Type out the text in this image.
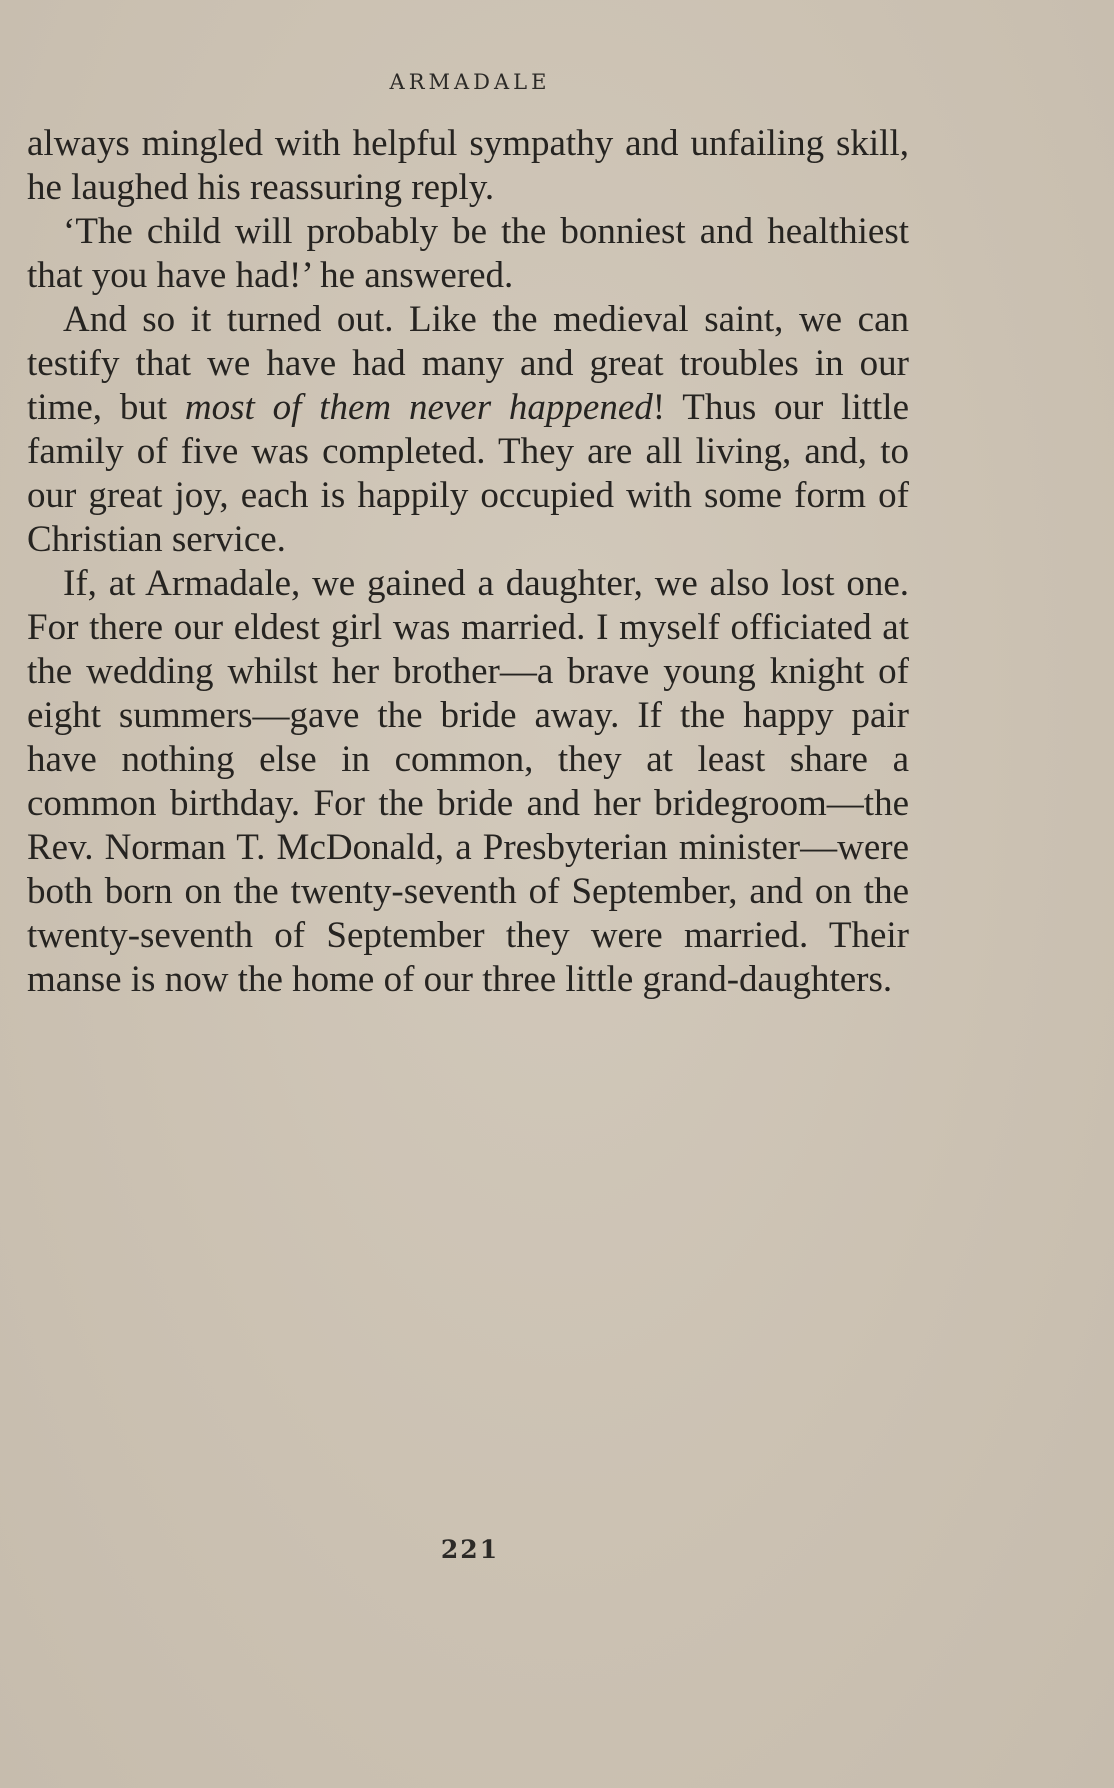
ARMADALE

always mingled with helpful sympathy and unfailing skill, he laughed his reassuring reply.

‘The child will probably be the bonniest and healthiest that you have had!’ he answered.

And so it turned out. Like the medieval saint, we can testify that we have had many and great troubles in our time, but most of them never happened! Thus our little family of five was completed. They are all living, and, to our great joy, each is happily occupied with some form of Christian service.

If, at Armadale, we gained a daughter, we also lost one. For there our eldest girl was married. I myself officiated at the wedding whilst her brother—a brave young knight of eight summers—gave the bride away. If the happy pair have nothing else in common, they at least share a common birthday. For the bride and her bridegroom—the Rev. Norman T. McDonald, a Presbyterian minister—were both born on the twenty-seventh of September, and on the twenty-seventh of September they were married. Their manse is now the home of our three little grand-daughters.

221
